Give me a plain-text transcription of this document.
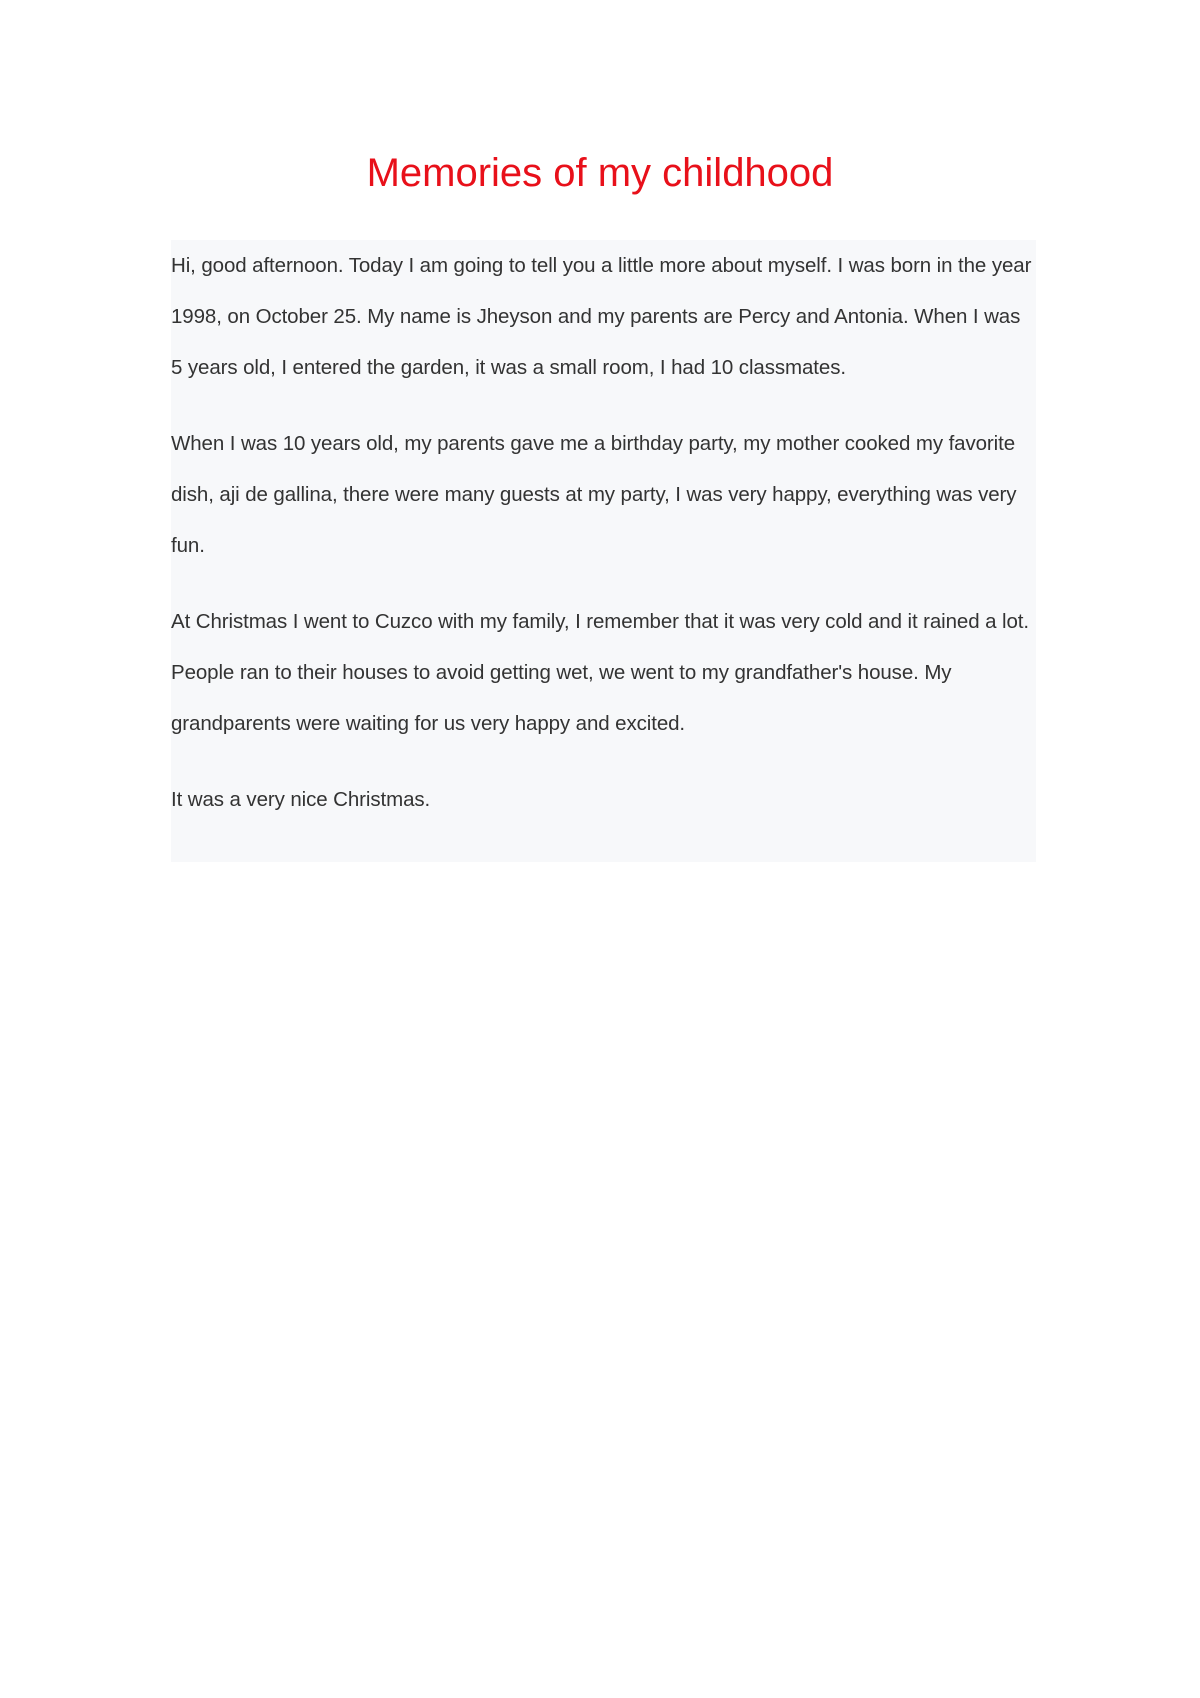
Memories of my childhood

Hi, good afternoon. Today I am going to tell you a little more about myself. I was born in the year 1998, on October 25. My name is Jheyson and my parents are Percy and Antonia. When I was 5 years old, I entered the garden, it was a small room, I had 10 classmates.

When I was 10 years old, my parents gave me a birthday party, my mother cooked my favorite dish, aji de gallina, there were many guests at my party, I was very happy, everything was very fun.

At Christmas I went to Cuzco with my family, I remember that it was very cold and it rained a lot. People ran to their houses to avoid getting wet, we went to my grandfather's house. My grandparents were waiting for us very happy and excited.

It was a very nice Christmas.
